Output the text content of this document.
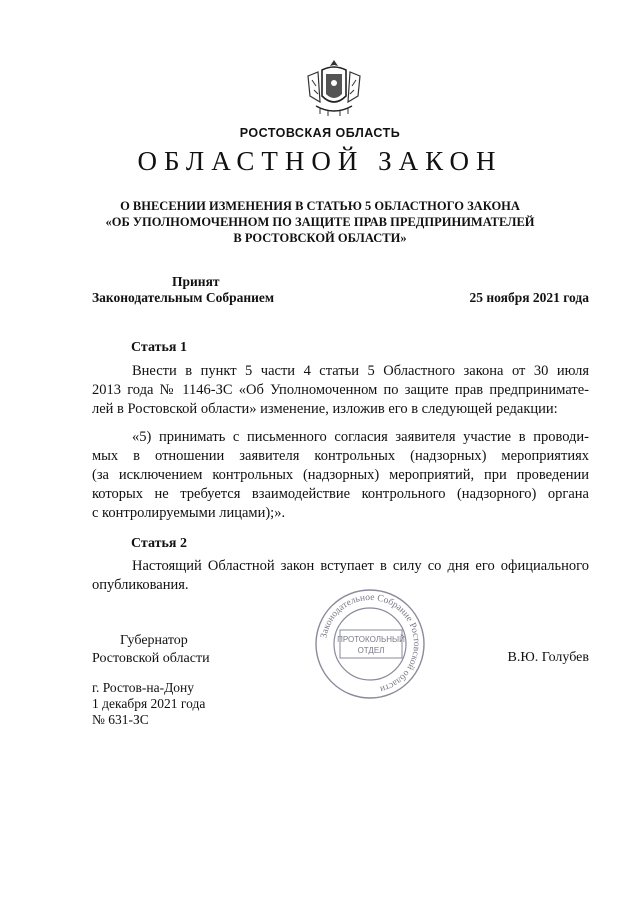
РОСТОВСКАЯ ОБЛАСТЬ
ОБЛАСТНОЙ ЗАКОН
О ВНЕСЕНИИ ИЗМЕНЕНИЯ В СТАТЬЮ 5 ОБЛАСТНОГО ЗАКОНА
«ОБ УПОЛНОМОЧЕННОМ ПО ЗАЩИТЕ ПРАВ ПРЕДПРИНИМАТЕЛЕЙ
В РОСТОВСКОЙ ОБЛАСТИ»
Принят
Законодательным Собранием	25 ноября 2021 года
Статья 1
Внести в пункт 5 части 4 статьи 5 Областного закона от 30 июля
2013 года № 1146-ЗС «Об Уполномоченном по защите прав предпринимате-
лей в Ростовской области» изменение, изложив его в следующей редакции:
«5) принимать с письменного согласия заявителя участие в проводи-
мых в отношении заявителя контрольных (надзорных) мероприятиях
(за исключением контрольных (надзорных) мероприятий, при проведении
которых не требуется взаимодействие контрольного (надзорного) органа
с контролируемыми лицами);».
Статья 2
Настоящий Областной закон вступает в силу со дня его официального
опубликования.
Законодательное Собрание Ростовской области
ПРОТОКОЛЬНЫЙ
ОТДЕЛ
Губернатор
Ростовской области	В.Ю. Голубев
г. Ростов-на-Дону
1 декабря 2021 года
№ 631-ЗС
